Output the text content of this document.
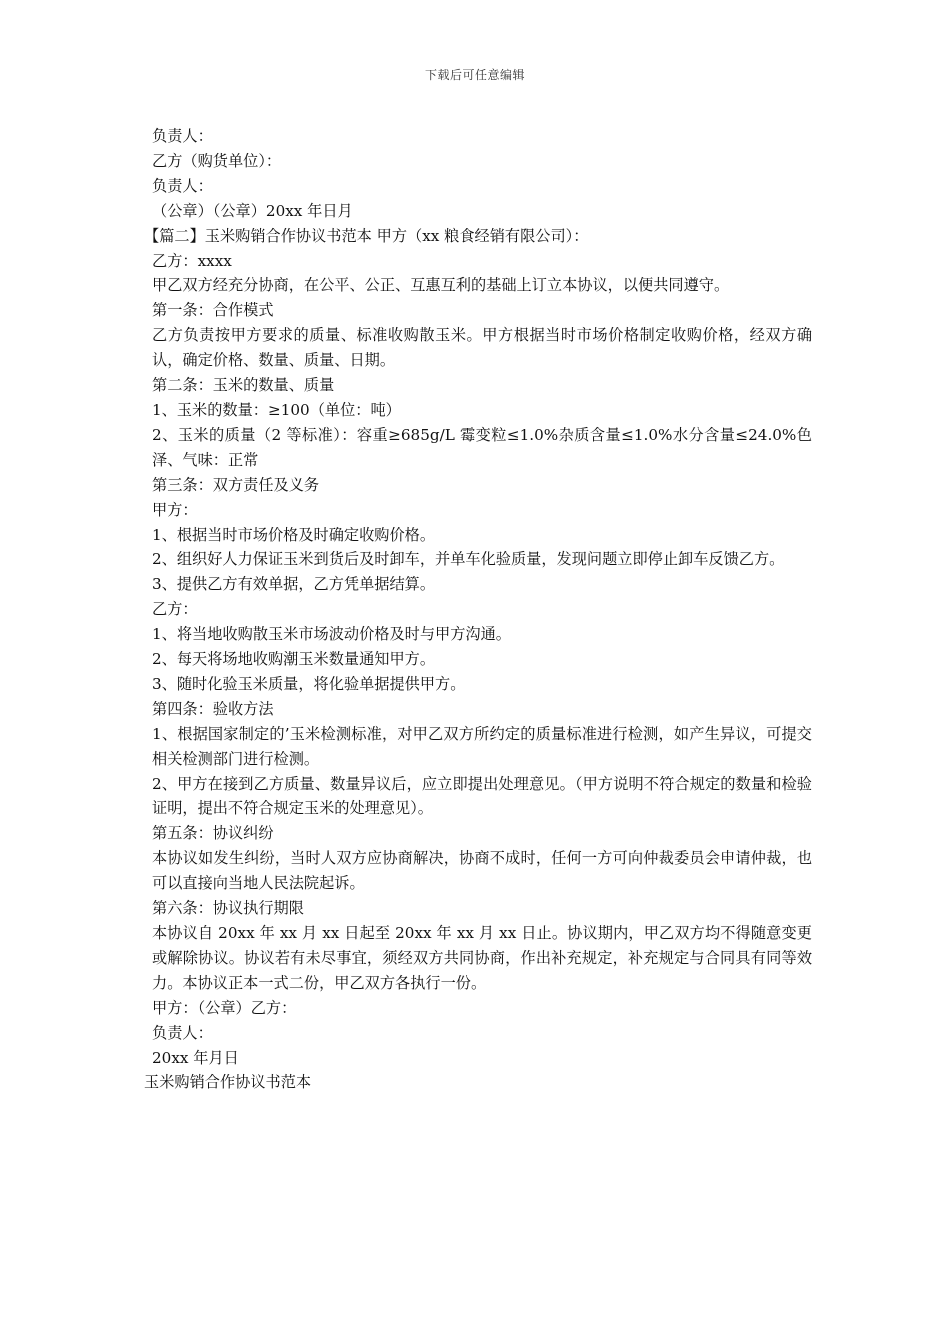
下载后可任意编辑

负责人：

乙方（购货单位）：

负责人：

（公章）（公章）20xx 年日月

【篇二】玉米购销合作协议书范本 甲方（xx 粮食经销有限公司）：

乙方：xxxx

甲乙双方经充分协商，在公平、公正、互惠互利的基础上订立本协议，以便共同遵守。

第一条：合作模式

乙方负责按甲方要求的质量、标准收购散玉米。甲方根据当时市场价格制定收购价格，经双方确认，确定价格、数量、质量、日期。

第二条：玉米的数量、质量

1、玉米的数量：≥100（单位：吨）

2、玉米的质量（2 等标准）：容重≥685g/L 霉变粒≤1.0%杂质含量≤1.0%水分含量≤24.0%色泽、气味：正常

第三条：双方责任及义务

甲方：

1、根据当时市场价格及时确定收购价格。

2、组织好人力保证玉米到货后及时卸车，并单车化验质量，发现问题立即停止卸车反馈乙方。

3、提供乙方有效单据，乙方凭单据结算。

乙方：

1、将当地收购散玉米市场波动价格及时与甲方沟通。

2、每天将场地收购潮玉米数量通知甲方。

3、随时化验玉米质量，将化验单据提供甲方。

第四条：验收方法

1、根据国家制定的’玉米检测标准，对甲乙双方所约定的质量标准进行检测，如产生异议，可提交相关检测部门进行检测。

2、甲方在接到乙方质量、数量异议后，应立即提出处理意见。（甲方说明不符合规定的数量和检验证明，提出不符合规定玉米的处理意见）。

第五条：协议纠纷

本协议如发生纠纷，当时人双方应协商解决，协商不成时，任何一方可向仲裁委员会申请仲裁，也可以直接向当地人民法院起诉。

第六条：协议执行期限

本协议自 20xx 年 xx 月 xx 日起至 20xx 年 xx 月 xx 日止。协议期内，甲乙双方均不得随意变更或解除协议。协议若有未尽事宜，须经双方共同协商，作出补充规定，补充规定与合同具有同等效力。本协议正本一式二份，甲乙双方各执行一份。

甲方：（公章）乙方：

负责人：

20xx 年月日

玉米购销合作协议书范本
